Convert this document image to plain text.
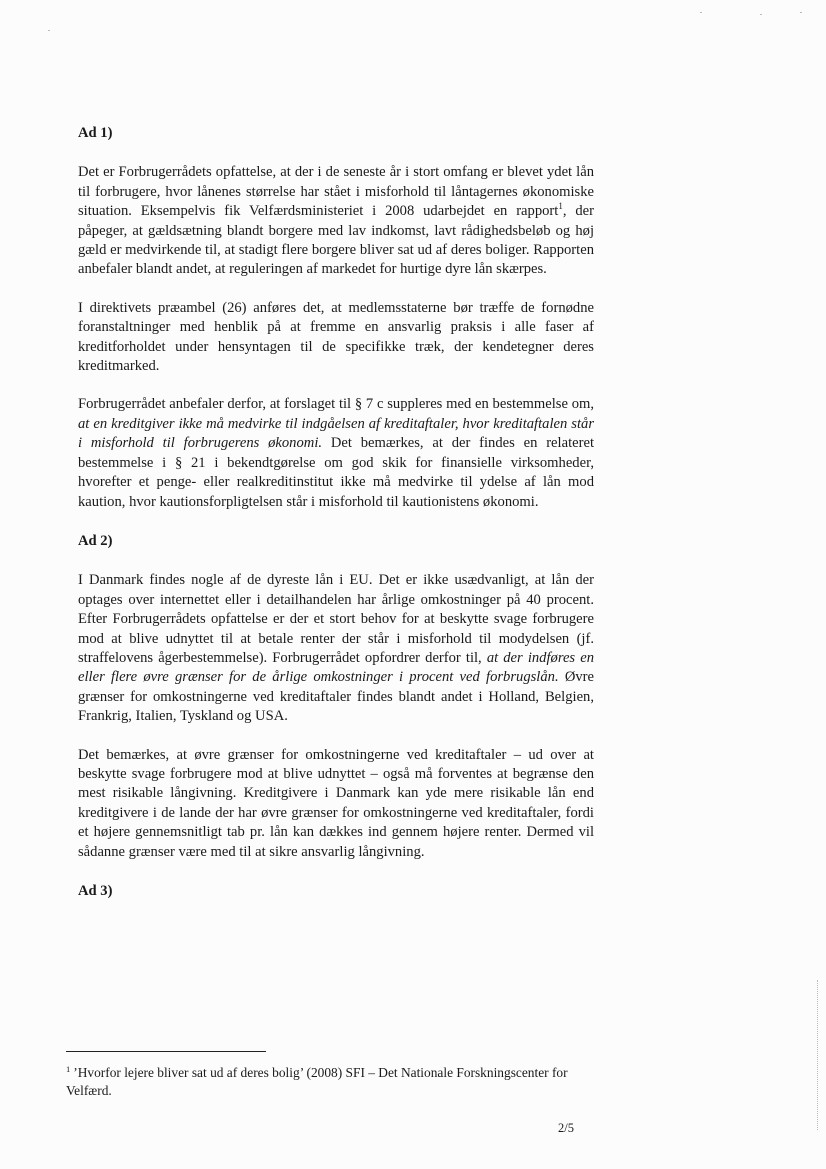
Ad 1)

Det er Forbrugerrådets opfattelse, at der i de seneste år i stort omfang er blevet ydet lån til forbrugere, hvor lånenes størrelse har stået i misforhold til låntagernes økonomiske situation. Eksempelvis fik Velfærdsministeriet i 2008 udarbejdet en rapport$^1$, der påpeger, at gældsætning blandt borgere med lav indkomst, lavt rådighedsbeløb og høj gæld er medvirkende til, at stadigt flere borgere bliver sat ud af deres boliger. Rapporten anbefaler blandt andet, at reguleringen af markedet for hurtige dyre lån skærpes.

I direktivets præambel (26) anføres det, at medlemsstaterne bør træffe de fornødne foranstaltninger med henblik på at fremme en ansvarlig praksis i alle faser af kreditforholdet under hensyntagen til de specifikke træk, der kendetegner deres kreditmarked.

Forbrugerrådet anbefaler derfor, at forslaget til § 7 c suppleres med en bestemmelse om, at en kreditgiver ikke må medvirke til indgåelsen af kreditaftaler, hvor kreditaftalen står i misforhold til forbrugerens økonomi. Det bemærkes, at der findes en relateret bestemmelse i § 21 i bekendtgørelse om god skik for finansielle virksomheder, hvorefter et penge- eller realkreditinstitut ikke må medvirke til ydelse af lån mod kaution, hvor kautionsforpligtelsen står i misforhold til kautionistens økonomi.

Ad 2)

I Danmark findes nogle af de dyreste lån i EU. Det er ikke usædvanligt, at lån der optages over internettet eller i detailhandelen har årlige omkostninger på 40 procent. Efter Forbrugerrådets opfattelse er der et stort behov for at beskytte svage forbrugere mod at blive udnyttet til at betale renter der står i misforhold til modydelsen (jf. straffelovens ågerbestemmelse). Forbrugerrådet opfordrer derfor til, at der indføres en eller flere øvre grænser for de årlige omkostninger i procent ved forbrugslån. Øvre grænser for omkostningerne ved kreditaftaler findes blandt andet i Holland, Belgien, Frankrig, Italien, Tyskland og USA.

Det bemærkes, at øvre grænser for omkostningerne ved kreditaftaler – ud over at beskytte svage forbrugere mod at blive udnyttet – også må forventes at begrænse den mest risikable långivning. Kreditgivere i Danmark kan yde mere risikable lån end kreditgivere i de lande der har øvre grænser for omkostningerne ved kreditaftaler, fordi et højere gennemsnitligt tab pr. lån kan dækkes ind gennem højere renter. Dermed vil sådanne grænser være med til at sikre ansvarlig långivning.

Ad 3)

$^1$ ’Hvorfor lejere bliver sat ud af deres bolig’ (2008) SFI – Det Nationale Forskningscenter for Velfærd.
2/5
